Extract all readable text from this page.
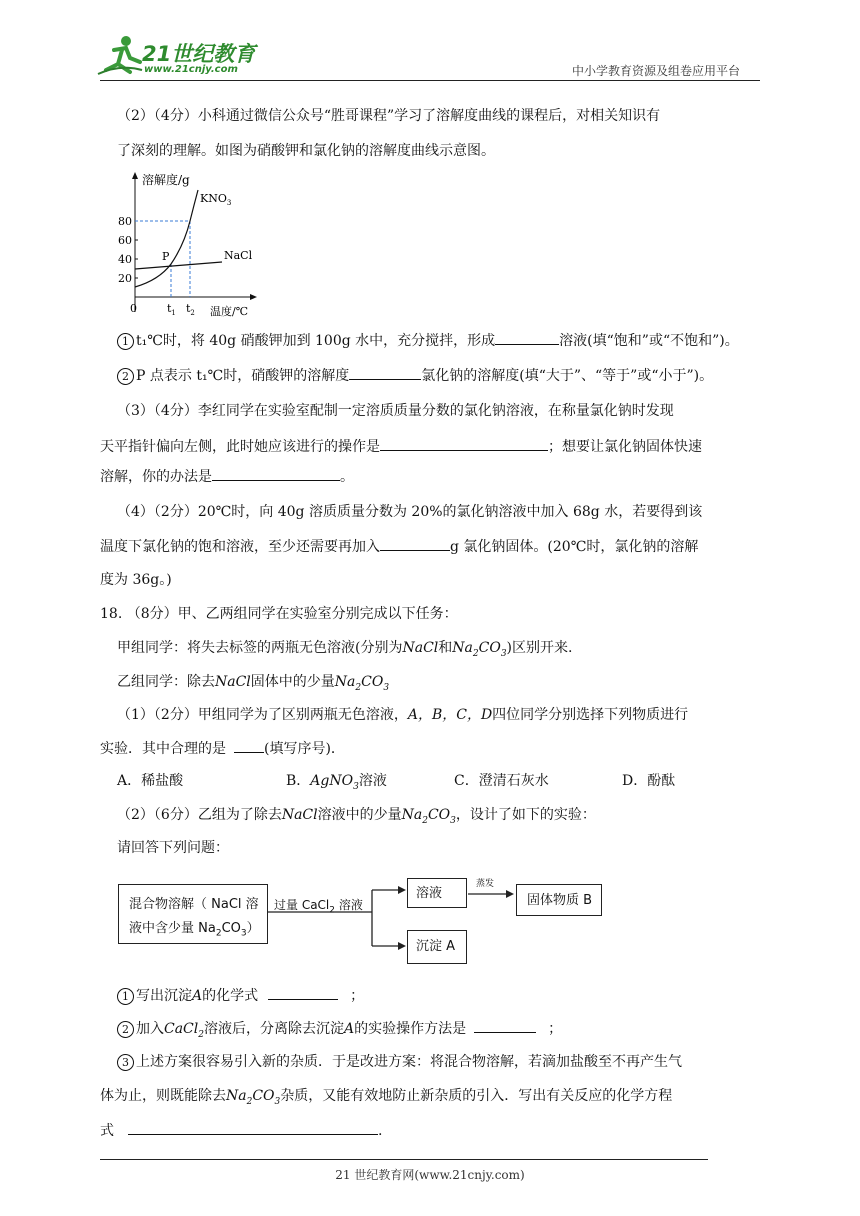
21世纪教育
www.21cnjy.com	中小学教育资源及组卷应用平台
（2）（4分）小科通过微信公众号“胜哥课程”学习了溶解度曲线的课程后，对相关知识有
了深刻的理解。如图为硝酸钾和氯化钠的溶解度曲线示意图。
溶解度/g
$KNO_3$
NaCl
P
80
60
40
20
0	$t_1$ $t_2$ 温度/℃
1 t₁℃时，将 40g 硝酸钾加到 100g 水中，充分搅拌，形成	溶液(填“饱和”或“不饱和”)。
2 P 点表示 t₁℃时，硝酸钾的溶解度	氯化钠的溶解度(填“大于”、“等于”或“小于”)。
（3）（4分）李红同学在实验室配制一定溶质质量分数的氯化钠溶液，在称量氯化钠时发现
天平指针偏向左侧，此时她应该进行的操作是	；想要让氯化钠固体快速
溶解，你的办法是	。
（4）（2分）20℃时，向 40g 溶质质量分数为 20%的氯化钠溶液中加入 68g 水，若要得到该
温度下氯化钠的饱和溶液，至少还需要再加入	g 氯化钠固体。(20℃时，氯化钠的溶解
度为 36g。)
18. （8分）甲、乙两组同学在实验室分别完成以下任务：
甲组同学：将失去标签的两瓶无色溶液(分别为NaCl和$Na_2CO_3$)区别开来.
乙组同学：除去NaCl固体中的少量$Na_2CO_3$
（1）（2分）甲组同学为了区别两瓶无色溶液，A，B，C，D四位同学分别选择下列物质进行
实验．其中合理的是	(填写序号)．
A．稀盐酸	B．AgNO$_3$溶液	C．澄清石灰水	D．酚酞
（2）（6分）乙组为了除去NaCl溶液中的少量$Na_2CO_3$，设计了如下的实验：
请回答下列问题：
混合物溶解（ NaCl 溶
液中含少量 $Na_2CO_3$）
过量 CaCl$_2$ 溶液
溶液
蒸发
固体物质 B
沉淀 A
1 写出沉淀A的化学式	；
2 加入CaCl$_2$溶液后，分离除去沉淀A的实验操作方法是	；
3 上述方案很容易引入新的杂质．于是改进方案：将混合物溶解，若滴加盐酸至不再产生气
体为止，则既能除去$Na_2CO_3$杂质，又能有效地防止新杂质的引入．写出有关反应的化学方程
式	.
21 世纪教育网(www.21cnjy.com)
